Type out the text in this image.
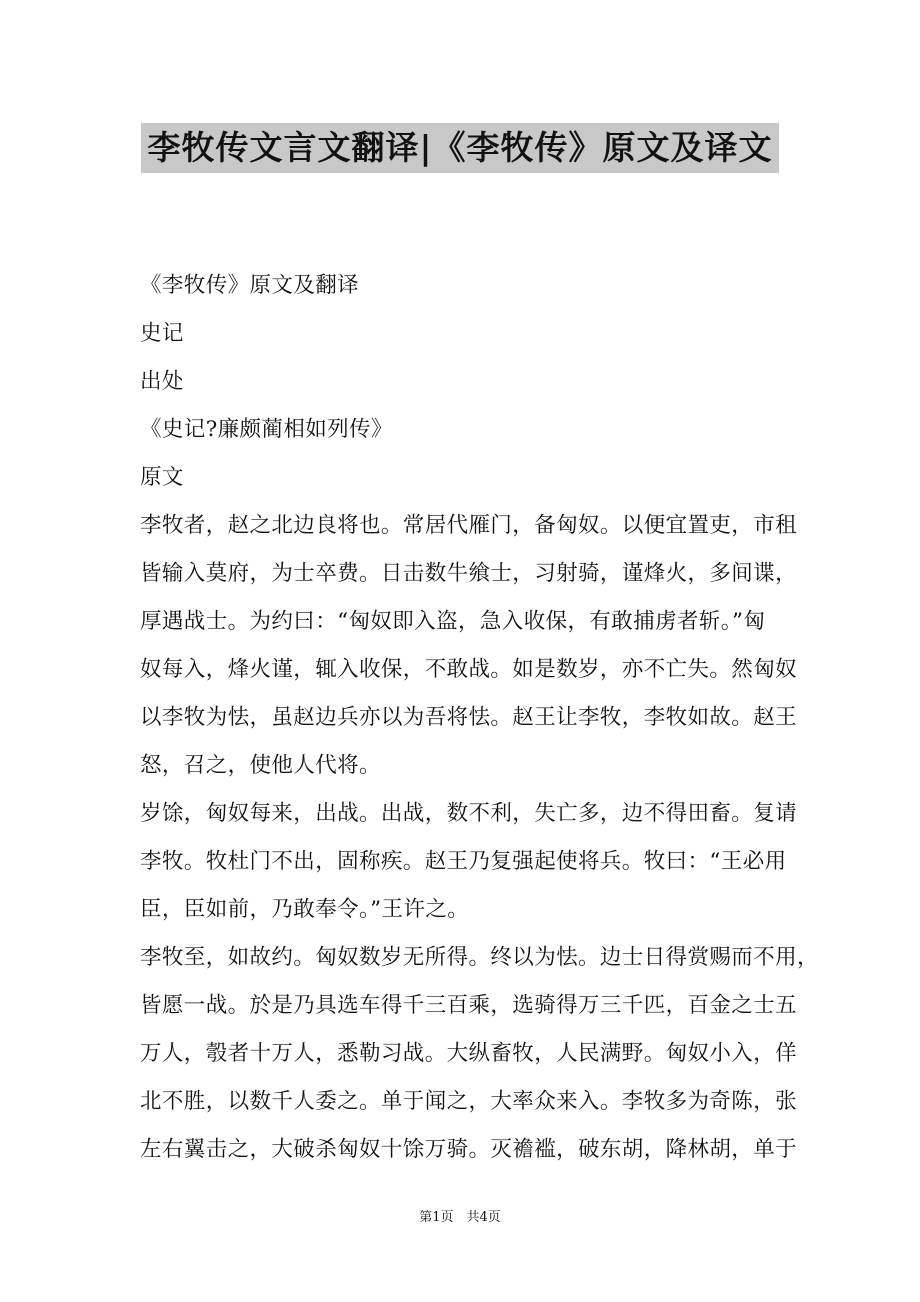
李牧传文言文翻译|《李牧传》原文及译文
《李牧传》原文及翻译
史记
出处
《史记?廉颇蔺相如列传》
原文
李牧者，赵之北边良将也。常居代雁门，备匈奴。以便宜置吏，市租
皆输入莫府，为士卒费。日击数牛飨士，习射骑，谨烽火，多间谍，
厚遇战士。为约曰：“匈奴即入盗，急入收保，有敢捕虏者斩。”匈
奴每入，烽火谨，辄入收保，不敢战。如是数岁，亦不亡失。然匈奴
以李牧为怯，虽赵边兵亦以为吾将怯。赵王让李牧，李牧如故。赵王
怒，召之，使他人代将。
岁馀，匈奴每来，出战。出战，数不利，失亡多，边不得田畜。复请
李牧。牧杜门不出，固称疾。赵王乃复强起使将兵。牧曰：“王必用
臣，臣如前，乃敢奉令。”王许之。
李牧至，如故约。匈奴数岁无所得。终以为怯。边士日得赏赐而不用，
皆愿一战。於是乃具选车得千三百乘，选骑得万三千匹，百金之士五
万人，彀者十万人，悉勒习战。大纵畜牧，人民满野。匈奴小入，佯
北不胜，以数千人委之。单于闻之，大率众来入。李牧多为奇陈，张
左右翼击之，大破杀匈奴十馀万骑。灭襜褴，破东胡，降林胡，单于
第1页　共4页
